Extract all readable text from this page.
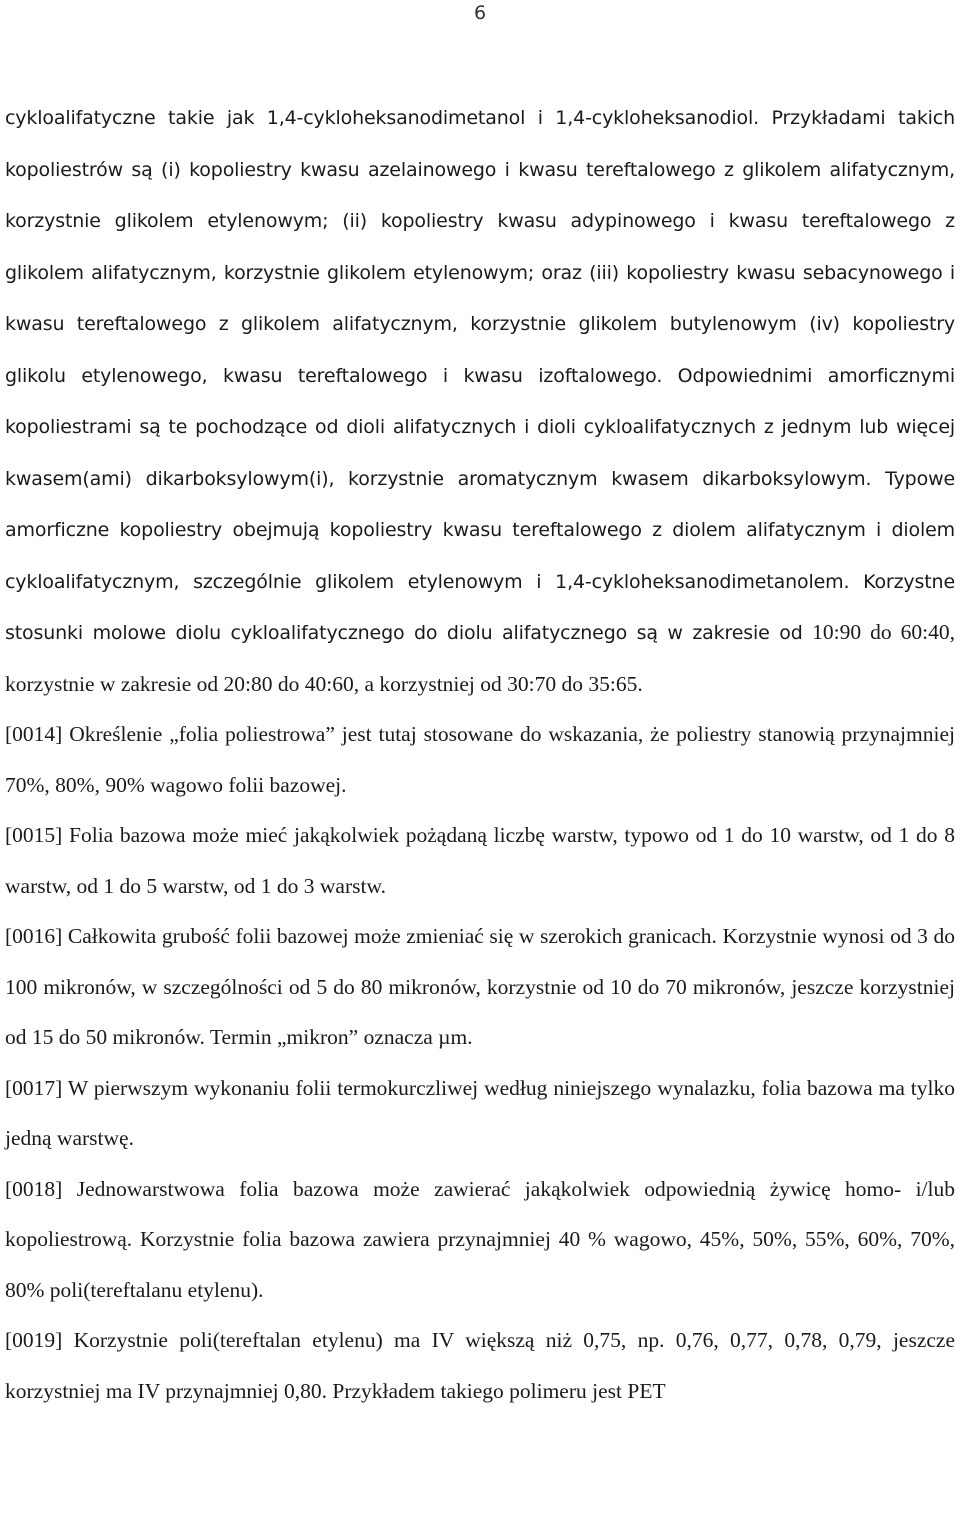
6

cykloalifatyczne takie jak 1,4-cykloheksanodimetanol i 1,4-cykloheksanodiol. Przykładami takich kopoliestrów są (i) kopoliestry kwasu azelainowego i kwasu tereftalowego z glikolem alifatycznym, korzystnie glikolem etylenowym; (ii) kopoliestry kwasu adypinowego i kwasu tereftalowego z glikolem alifatycznym, korzystnie glikolem etylenowym; oraz (iii) kopoliestry kwasu sebacynowego i kwasu tereftalowego z glikolem alifatycznym, korzystnie glikolem butylenowym (iv) kopoliestry glikolu etylenowego, kwasu tereftalowego i kwasu izoftalowego. Odpowiednimi amorficznymi kopoliestrami są te pochodzące od dioli alifatycznych i dioli cykloalifatycznych z jednym lub więcej kwasem(ami) dikarboksylowym(i), korzystnie aromatycznym kwasem dikarboksylowym. Typowe amorficzne kopoliestry obejmują kopoliestry kwasu tereftalowego z diolem alifatycznym i diolem cykloalifatycznym, szczególnie glikolem etylenowym i 1,4-cykloheksanodimetanolem. Korzystne stosunki molowe diolu cykloalifatycznego do diolu alifatycznego są w zakresie od 10:90 do 60:40, korzystnie w zakresie od 20:80 do 40:60, a korzystniej od 30:70 do 35:65.

[0014] Określenie „folia poliestrowa” jest tutaj stosowane do wskazania, że poliestry stanowią przynajmniej 70%, 80%, 90% wagowo folii bazowej.

[0015] Folia bazowa może mieć jakąkolwiek pożądaną liczbę warstw, typowo od 1 do 10 warstw, od 1 do 8 warstw, od 1 do 5 warstw, od 1 do 3 warstw.

[0016] Całkowita grubość folii bazowej może zmieniać się w szerokich granicach. Korzystnie wynosi od 3 do 100 mikronów, w szczególności od 5 do 80 mikronów, korzystnie od 10 do 70 mikronów, jeszcze korzystniej od 15 do 50 mikronów. Termin „mikron” oznacza µm.

[0017] W pierwszym wykonaniu folii termokurczliwej według niniejszego wynalazku, folia bazowa ma tylko jedną warstwę.

[0018] Jednowarstwowa folia bazowa może zawierać jakąkolwiek odpowiednią żywicę homo- i/lub kopoliestrową. Korzystnie folia bazowa zawiera przynajmniej 40 % wagowo, 45%, 50%, 55%, 60%, 70%, 80% poli(tereftalanu etylenu).

[0019] Korzystnie poli(tereftalan etylenu) ma IV większą niż 0,75, np. 0,76, 0,77, 0,78, 0,79, jeszcze korzystniej ma IV przynajmniej 0,80. Przykładem takiego polimeru jest PET
